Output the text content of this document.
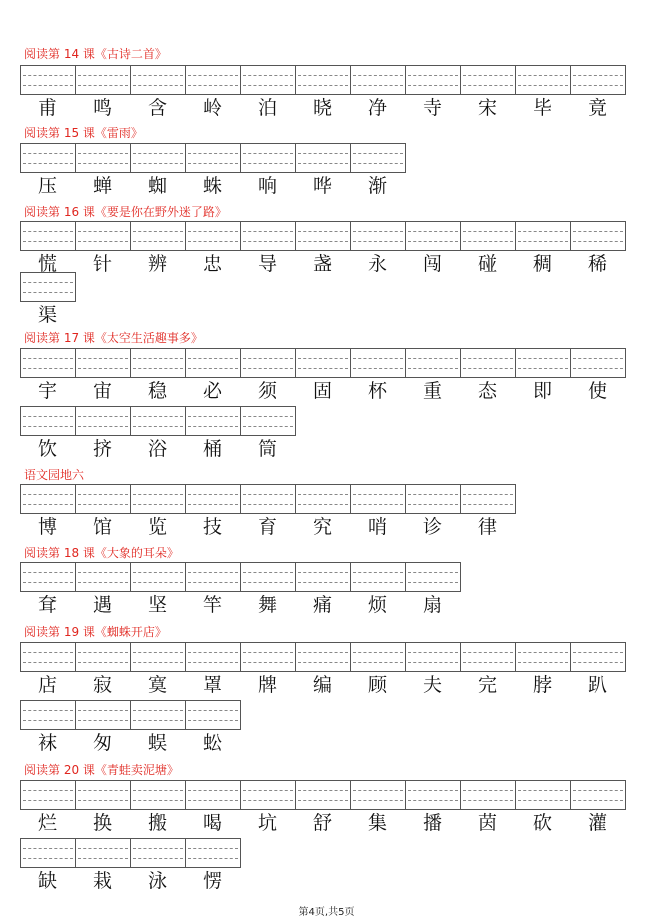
阅读第 14 课《古诗二首》
甫	鸣	含	岭	泊	晓	净	寺	宋	毕	竟
阅读第 15 课《雷雨》
压	蝉	蜘	蛛	响	哗	渐
阅读第 16 课《要是你在野外迷了路》
慌	针	辨	忠	导	盏	永	闯	碰	稠	稀
渠
阅读第 17 课《太空生活趣事多》
宇	宙	稳	必	须	固	杯	重	态	即	使
饮	挤	浴	桶	筒
语文园地六
博	馆	览	技	育	究	哨	诊	律
阅读第 18 课《大象的耳朵》
耷	遇	坚	竿	舞	痛	烦	扇
阅读第 19 课《蜘蛛开店》
店	寂	寞	罩	牌	编	顾	夫	完	脖	趴
袜	匆	蜈	蚣
阅读第 20 课《青蛙卖泥塘》
烂	换	搬	喝	坑	舒	集	播	茵	砍	灌
缺	栽	泳	愣
第4页,共5页
